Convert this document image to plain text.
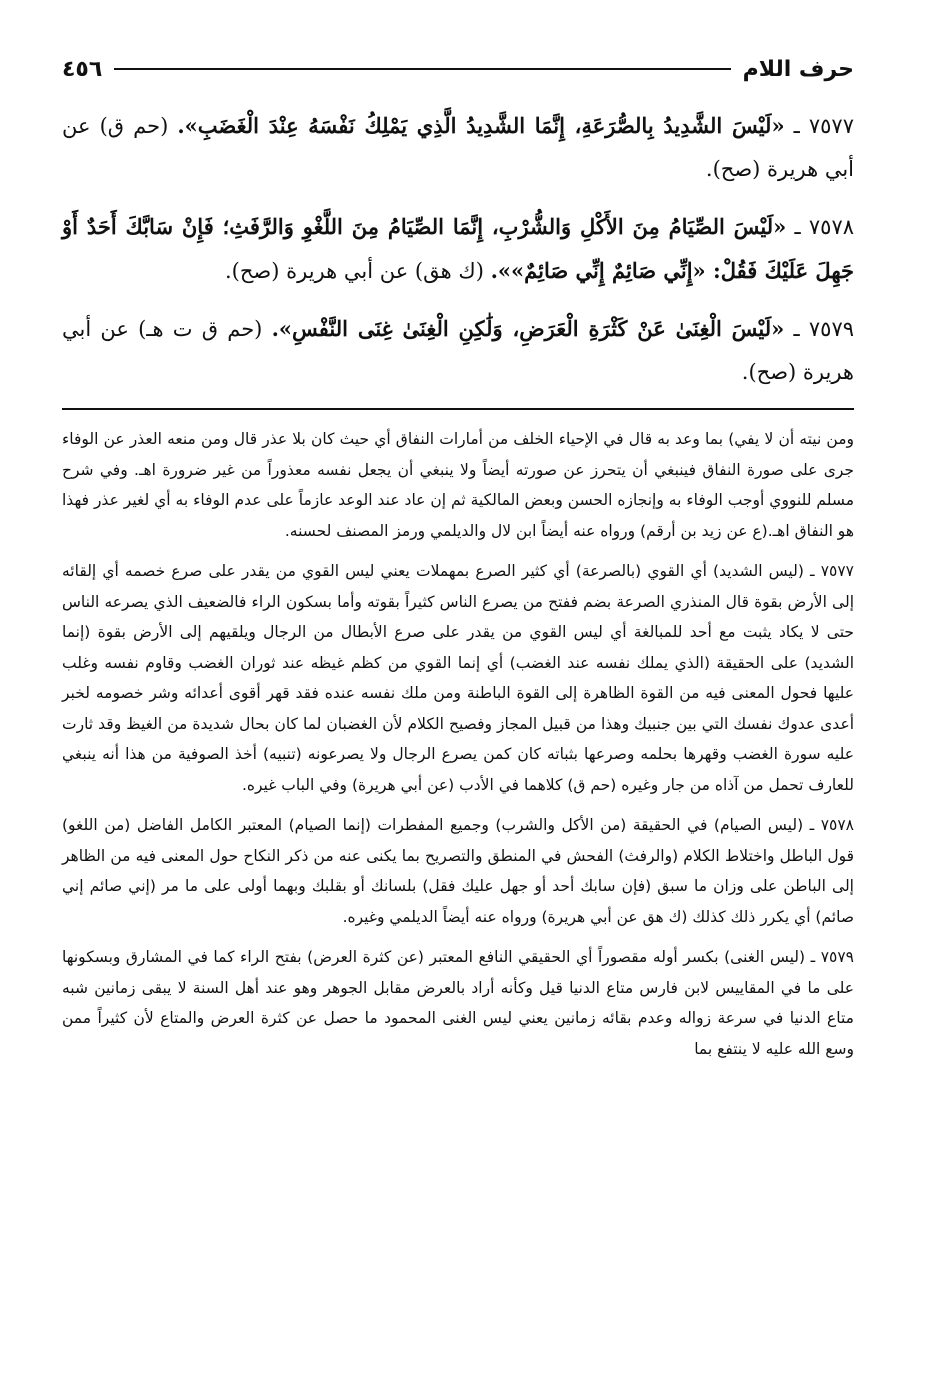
حرف اللام
٤٥٦

٧٥٧٧ ـ «لَيْسَ الشَّدِيدُ بِالصُّرَعَةِ، إِنَّمَا الشَّدِيدُ الَّذِي يَمْلِكُ نَفْسَهُ عِنْدَ الْغَضَبِ». (حم ق) عن أبي هريرة (صح).

٧٥٧٨ ـ «لَيْسَ الصِّيَامُ مِنَ الأَكْلِ وَالشُّرْبِ، إِنَّمَا الصِّيَامُ مِنَ اللَّغْوِ وَالرَّفَثِ؛ فَإِنْ سَابَّكَ أَحَدٌ أَوْ جَهِلَ عَلَيْكَ فَقُلْ: «إِنِّي صَائِمٌ إِنِّي صَائِمٌ»». (ك هق) عن أبي هريرة (صح).

٧٥٧٩ ـ «لَيْسَ الْغِنَىٰ عَنْ كَثْرَةِ الْعَرَضِ، وَلَٰكِنِ الْغِنَىٰ غِنَى النَّفْسِ». (حم ق ت هـ) عن أبي هريرة (صح).

ومن نيته أن لا يفي) بما وعد به قال في الإحياء الخلف من أمارات النفاق أي حيث كان بلا عذر قال ومن منعه العذر عن الوفاء جرى على صورة النفاق فينبغي أن يتحرز عن صورته أيضاً ولا ينبغي أن يجعل نفسه معذوراً من غير ضرورة اهـ. وفي شرح مسلم للنووي أوجب الوفاء به وإنجازه الحسن وبعض المالكية ثم إن عاد عند الوعد عازماً على عدم الوفاء به أي لغير عذر فهذا هو النفاق اهـ.(ع عن زيد بن أرقم) ورواه عنه أيضاً ابن لال والديلمي ورمز المصنف لحسنه.

٧٥٧٧ ـ (ليس الشديد) أي القوي (بالصرعة) أي كثير الصرع بمهملات يعني ليس القوي من يقدر على صرع خصمه أي إلقائه إلى الأرض بقوة قال المنذري الصرعة بضم ففتح من يصرع الناس كثيراً بقوته وأما بسكون الراء فالضعيف الذي يصرعه الناس حتى لا يكاد يثبت مع أحد للمبالغة أي ليس القوي من يقدر على صرع الأبطال من الرجال ويلقيهم إلى الأرض بقوة (إنما الشديد) على الحقيقة (الذي يملك نفسه عند الغضب) أي إنما القوي من كظم غيظه عند ثوران الغضب وقاوم نفسه وغلب عليها فحول المعنى فيه من القوة الظاهرة إلى القوة الباطنة ومن ملك نفسه عنده فقد قهر أقوى أعدائه وشر خصومه لخبر أعدى عدوك نفسك التي بين جنبيك وهذا من قبيل المجاز وفصيح الكلام لأن الغضبان لما كان بحال شديدة من الغيظ وقد ثارت عليه سورة الغضب وقهرها بحلمه وصرعها بثباته كان كمن يصرع الرجال ولا يصرعونه (تنبيه) أخذ الصوفية من هذا أنه ينبغي للعارف تحمل من آذاه من جار وغيره (حم ق) كلاهما في الأدب (عن أبي هريرة) وفي الباب غيره.

٧٥٧٨ ـ (ليس الصيام) في الحقيقة (من الأكل والشرب) وجميع المفطرات (إنما الصيام) المعتبر الكامل الفاضل (من اللغو) قول الباطل واختلاط الكلام (والرفث) الفحش في المنطق والتصريح بما يكنى عنه من ذكر النكاح حول المعنى فيه من الظاهر إلى الباطن على وزان ما سبق (فإن سابك أحد أو جهل عليك فقل) بلسانك أو بقلبك وبهما أولى على ما مر (إني صائم إني صائم) أي يكرر ذلك كذلك (ك هق عن أبي هريرة) ورواه عنه أيضاً الديلمي وغيره.

٧٥٧٩ ـ (ليس الغنى) بكسر أوله مقصوراً أي الحقيقي النافع المعتبر (عن كثرة العرض) بفتح الراء كما في المشارق وبسكونها على ما في المقاييس لابن فارس متاع الدنيا قيل وكأنه أراد بالعرض مقابل الجوهر وهو عند أهل السنة لا يبقى زمانين شبه متاع الدنيا في سرعة زواله وعدم بقائه زمانين يعني ليس الغنى المحمود ما حصل عن كثرة العرض والمتاع لأن كثيراً ممن وسع الله عليه لا ينتفع بما
